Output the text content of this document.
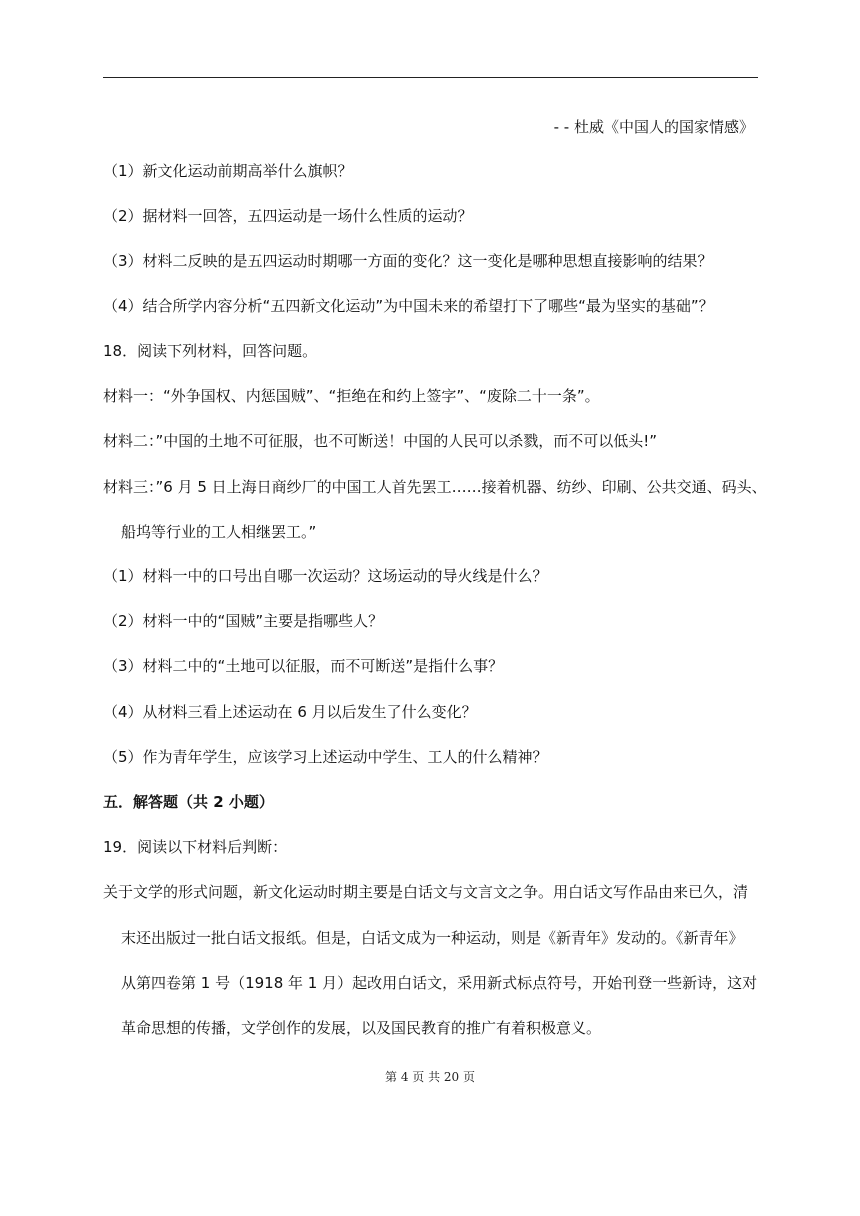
- - 杜威《中国人的国家情感》
（1）新文化运动前期高举什么旗帜？
（2）据材料一回答，五四运动是一场什么性质的运动？
（3）材料二反映的是五四运动时期哪一方面的变化？这一变化是哪种思想直接影响的结果？
（4）结合所学内容分析“五四新文化运动”为中国未来的希望打下了哪些“最为坚实的基础”？
18．阅读下列材料，回答问题。
材料一：“外争国权、内惩国贼”、“拒绝在和约上签字”、“废除二十一条”。
材料二：”中国的土地不可征服，也不可断送！中国的人民可以杀戮，而不可以低头!”
材料三：”6 月 5 日上海日商纱厂的中国工人首先罢工……接着机器、纺纱、印刷、公共交通、码头、
船坞等行业的工人相继罢工。”
（1）材料一中的口号出自哪一次运动？这场运动的导火线是什么？
（2）材料一中的“国贼”主要是指哪些人？
（3）材料二中的“土地可以征服，而不可断送”是指什么事？
（4）从材料三看上述运动在 6 月以后发生了什么变化？
（5）作为青年学生，应该学习上述运动中学生、工人的什么精神？
五．解答题（共 2 小题）
19．阅读以下材料后判断：
关于文学的形式问题，新文化运动时期主要是白话文与文言文之争。用白话文写作品由来已久，清
末还出版过一批白话文报纸。但是，白话文成为一种运动，则是《新青年》发动的。《新青年》
从第四卷第 1 号（1918 年 1 月）起改用白话文，采用新式标点符号，开始刊登一些新诗，这对
革命思想的传播，文学创作的发展，以及国民教育的推广有着积极意义。
第 4 页 共 20 页
